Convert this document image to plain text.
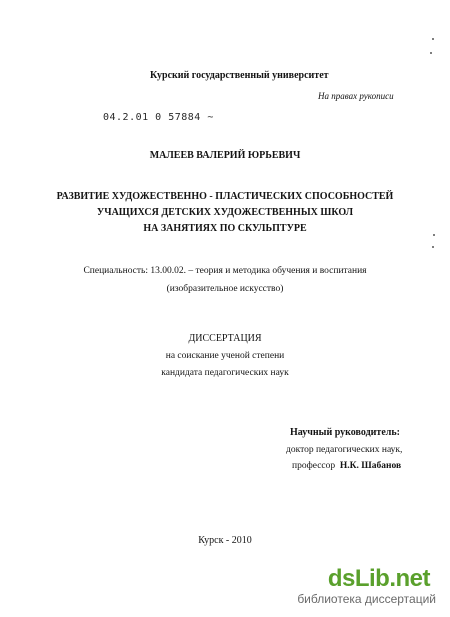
Курский государственный университет
На правах рукописи
04.2.01 0 57884 ~
МАЛЕЕВ ВАЛЕРИЙ ЮРЬЕВИЧ
РАЗВИТИЕ ХУДОЖЕСТВЕННО - ПЛАСТИЧЕСКИХ СПОСОБНОСТЕЙ
УЧАЩИХСЯ ДЕТСКИХ ХУДОЖЕСТВЕННЫХ ШКОЛ
НА ЗАНЯТИЯХ ПО СКУЛЬПТУРЕ
Специальность: 13.00.02. – теория и методика обучения и воспитания
(изобразительное искусство)
ДИССЕРТАЦИЯ
на соискание ученой степени
кандидата педагогических наук
Научный руководитель:
доктор педагогических наук,
профессор Н.К. Шабанов
Курск - 2010
dsLib.net
библиотека диссертаций
